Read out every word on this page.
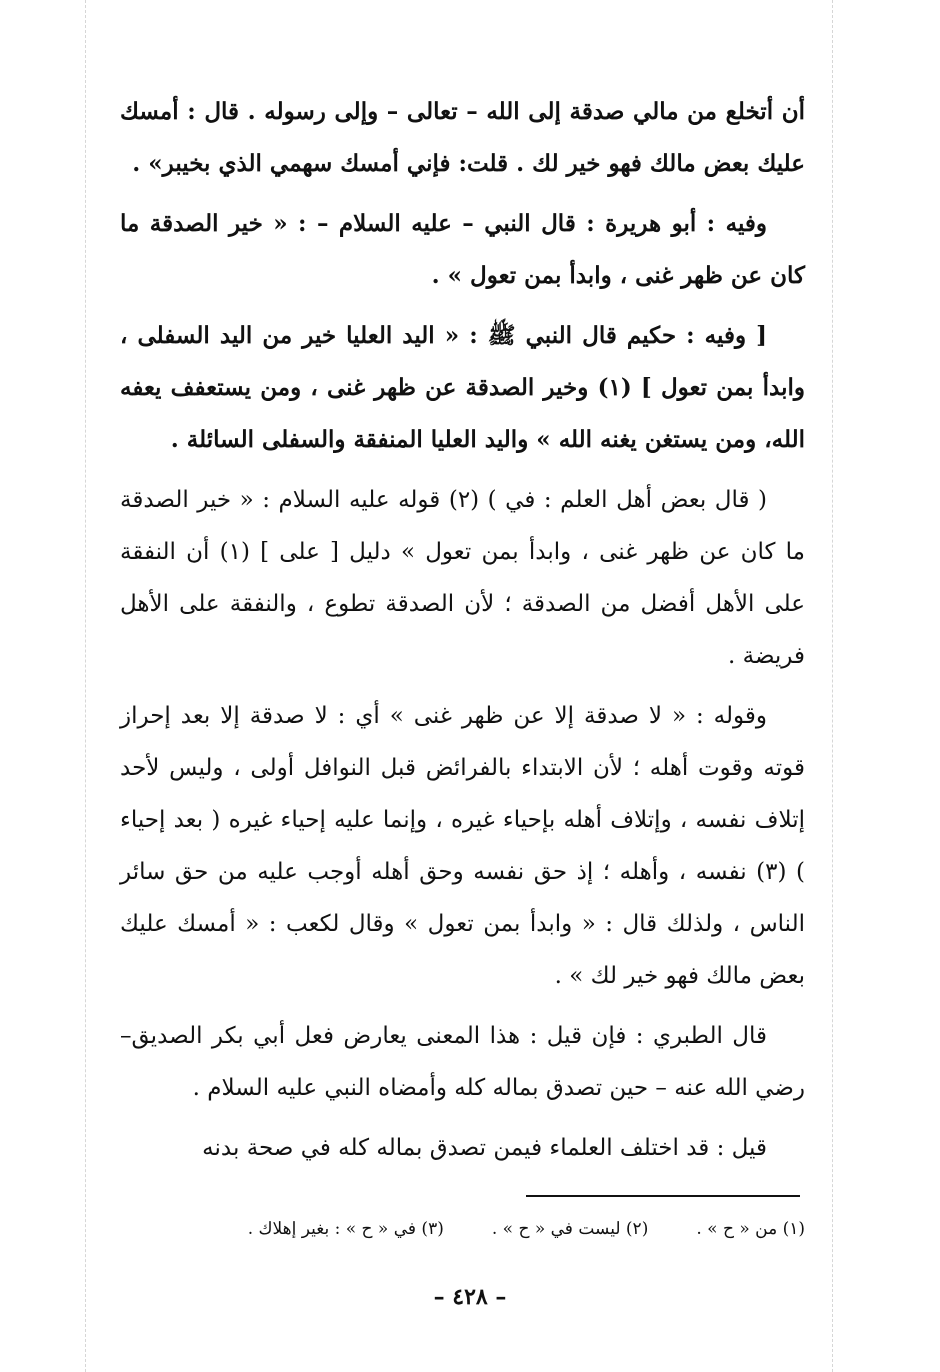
أن أتخلع من مالي صدقة إلى الله – تعالى – وإلى رسوله . قال : أمسك عليك بعض مالك فهو خير لك . قلت: فإني أمسك سهمي الذي بخيبر» .

وفيه : أبو هريرة : قال النبي – عليه السلام – : « خير الصدقة ما كان عن ظهر غنى ، وابدأ بمن تعول » .

[ وفيه : حكيم قال النبي ﷺ : « اليد العليا خير من اليد السفلى ، وابدأ بمن تعول ] (١) وخير الصدقة عن ظهر غنى ، ومن يستعفف يعفه الله، ومن يستغن يغنه الله » واليد العليا المنفقة والسفلى السائلة .

( قال بعض أهل العلم : في ) (٢) قوله عليه السلام : « خير الصدقة ما كان عن ظهر غنى ، وابدأ بمن تعول » دليل [ على ] (١) أن النفقة على الأهل أفضل من الصدقة ؛ لأن الصدقة تطوع ، والنفقة على الأهل فريضة .

وقوله : « لا صدقة إلا عن ظهر غنى » أي : لا صدقة إلا بعد إحراز قوته وقوت أهله ؛ لأن الابتداء بالفرائض قبل النوافل أولى ، وليس لأحد إتلاف نفسه ، وإتلاف أهله بإحياء غيره ، وإنما عليه إحياء غيره ( بعد إحياء ) (٣) نفسه ، وأهله ؛ إذ حق نفسه وحق أهله أوجب عليه من حق سائر الناس ، ولذلك قال : « وابدأ بمن تعول » وقال لكعب : « أمسك عليك بعض مالك فهو خير لك » .

قال الطبري : فإن قيل : هذا المعنى يعارض فعل أبي بكر الصديق– رضي الله عنه – حين تصدق بماله كله وأمضاه النبي عليه السلام .

قيل : قد اختلف العلماء فيمن تصدق بماله كله في صحة بدنه

(١) من « ح » .
(٢) ليست في « ح » .
(٣) في « ح » : بغير إهلاك .
– ٤٢٨ –
